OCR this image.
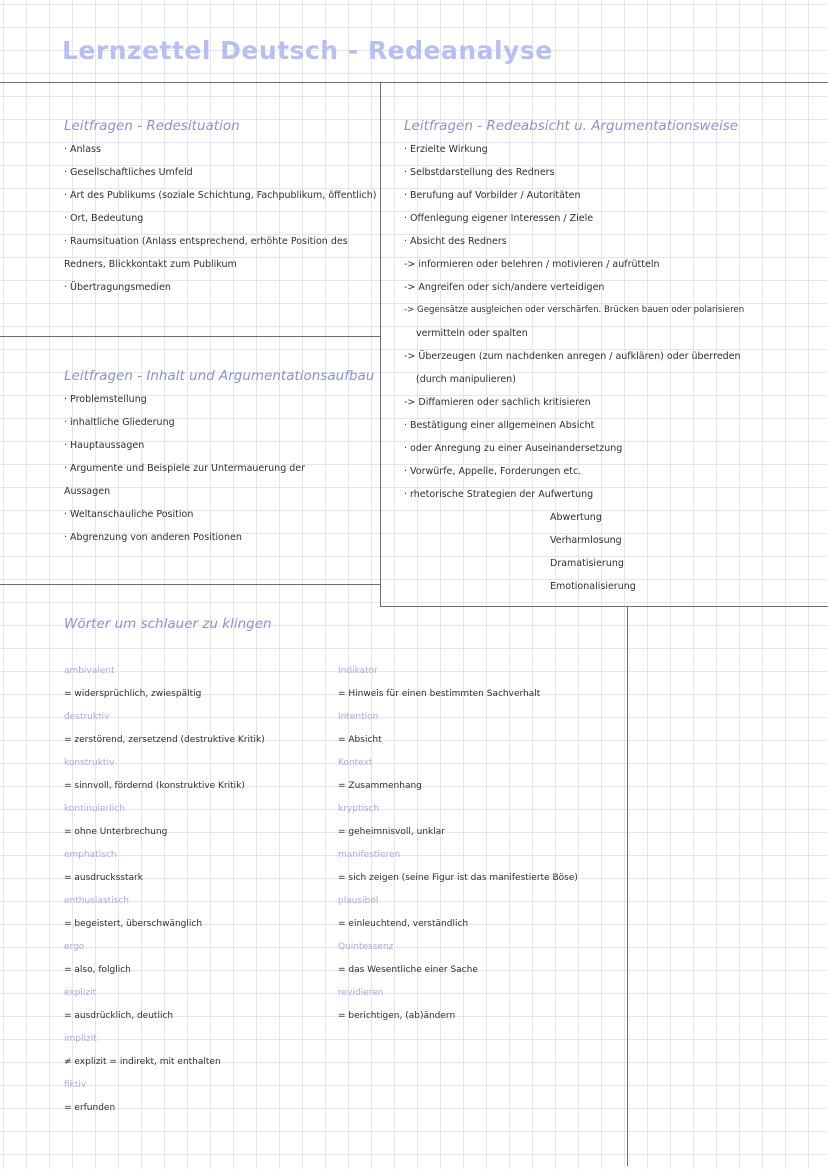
Lernzettel Deutsch - Redeanalyse
Leitfragen - Redesituation
· Anlass
· Gesellschaftliches Umfeld
· Art des Publikums (soziale Schichtung, Fachpublikum, öffentlich)
· Ort, Bedeutung
· Raumsituation (Anlass entsprechend, erhöhte Position des
Redners, Blickkontakt zum Publikum
· Übertragungsmedien
Leitfragen - Inhalt und Argumentationsaufbau
· Problemstellung
· inhaltliche Gliederung
· Hauptaussagen
· Argumente und Beispiele zur Untermauerung der
Aussagen
· Weltanschauliche Position
· Abgrenzung von anderen Positionen
Leitfragen - Redeabsicht u. Argumentationsweise
· Erzielte Wirkung
· Selbstdarstellung des Redners
· Berufung auf Vorbilder / Autoritäten
· Offenlegung eigener Interessen / Ziele
· Absicht des Redners
-> informieren oder belehren / motivieren / aufrütteln
-> Angreifen oder sich/andere verteidigen
-> Gegensätze ausgleichen oder verschärfen. Brücken bauen oder polarisieren
vermitteln oder spalten
-> Überzeugen (zum nachdenken anregen / aufklären) oder überreden
(durch manipulieren)
-> Diffamieren oder sachlich kritisieren
· Bestätigung einer allgemeinen Absicht
· oder Anregung zu einer Auseinandersetzung
· Vorwürfe, Appelle, Forderungen etc.
· rhetorische Strategien der Aufwertung
Abwertung
Verharmlosung
Dramatisierung
Emotionalisierung
Wörter um schlauer zu klingen
ambivalent
= widersprüchlich, zwiespältig
destruktiv
= zerstörend, zersetzend (destruktive Kritik)
konstruktiv
= sinnvoll, fördernd (konstruktive Kritik)
kontinuierlich
= ohne Unterbrechung
emphatisch
= ausdrucksstark
enthusiastisch
= begeistert, überschwänglich
ergo
= also, folglich
explizit
= ausdrücklich, deutlich
implizit
≠ explizit = indirekt, mit enthalten
fiktiv
= erfunden
Indikator
= Hinweis für einen bestimmten Sachverhalt
Intention
= Absicht
Kontext
= Zusammenhang
kryptisch
= geheimnisvoll, unklar
manifestieren
= sich zeigen (seine Figur ist das manifestierte Böse)
plausibel
= einleuchtend, verständlich
Quintessenz
= das Wesentliche einer Sache
revidieren
= berichtigen, (ab)ändern
